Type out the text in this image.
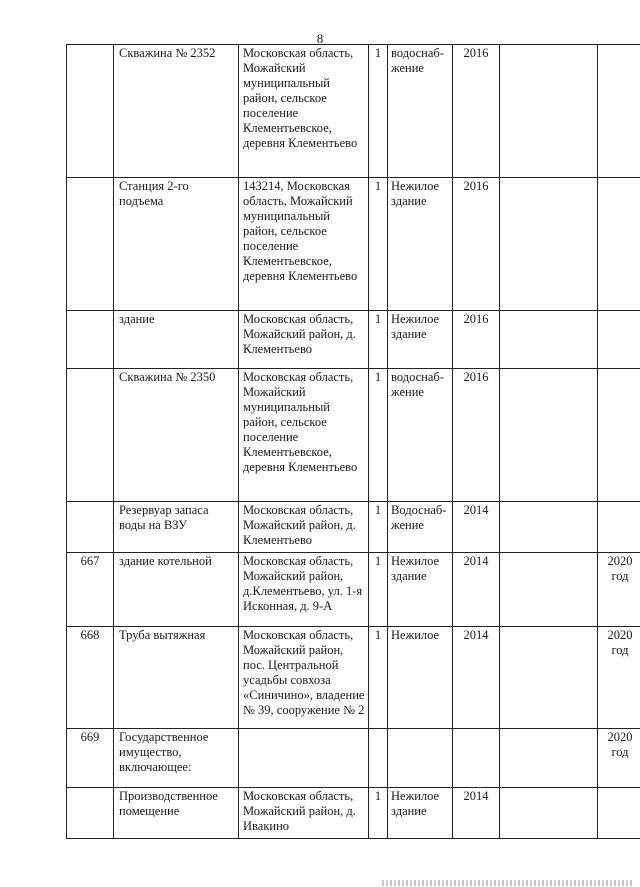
8
	Скважина № 2352	Московская область, Можайский муниципальный район, сельское поселение Клементьевское, деревня Клементьево	1	водоснаб-жение	2016		
	Станция 2-го подъема	143214, Московская область, Можайский муниципальный район, сельское поселение Клементьевское, деревня Клементьево	1	Нежилое здание	2016		
	здание	Московская область, Можайский район, д. Клементьево	1	Нежилое здание	2016		
	Скважина № 2350	Московская область, Можайский муниципальный район, сельское поселение Клементьевское, деревня Клементьево	1	водоснаб-жение	2016		
	Резервуар запаса воды на ВЗУ	Московская область, Можайский район, д. Клементьево	1	Водоснаб-жение	2014		
667	здание котельной	Московская область, Можайский район, д.Клементьево, ул. 1-я Исконная, д. 9-А	1	Нежилое здание	2014		2020 год
668	Труба вытяжная	Московская область, Можайский район, пос. Центральной усадьбы совхоза «Синичино», владение № 39, сооружение № 2	1	Нежилое	2014		2020 год
669	Государственное имущество, включающее:						2020 год
	Производственное помещение	Московская область, Можайский район, д. Ивакино	1	Нежилое здание	2014		
